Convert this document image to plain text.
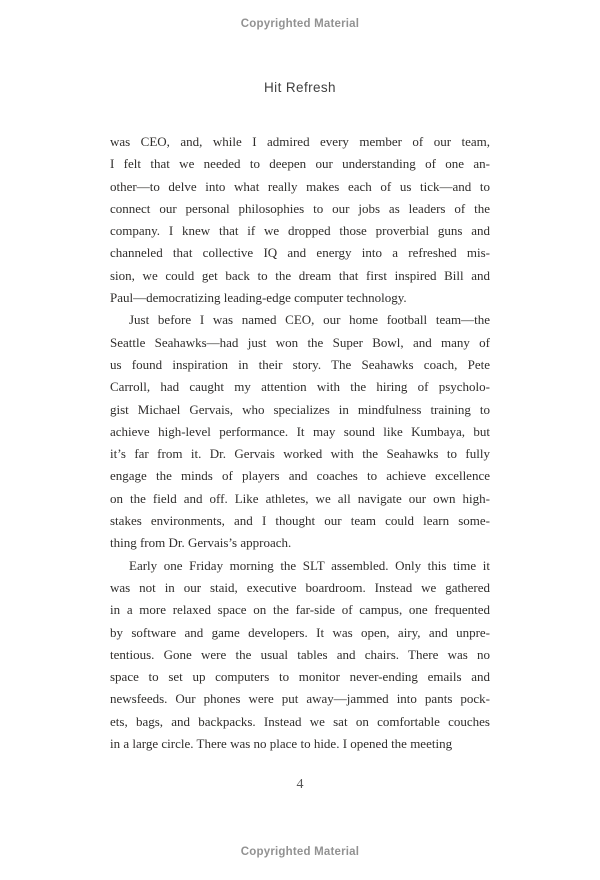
Copyrighted Material
Hit Refresh
was CEO, and, while I admired every member of our team,
I felt that we needed to deepen our understanding of one an-
other—to delve into what really makes each of us tick—and to
connect our personal philosophies to our jobs as leaders of the
company. I knew that if we dropped those proverbial guns and
channeled that collective IQ and energy into a refreshed mis-
sion, we could get back to the dream that first inspired Bill and
Paul—democratizing leading-edge computer technology.
Just before I was named CEO, our home football team—the
Seattle Seahawks—had just won the Super Bowl, and many of
us found inspiration in their story. The Seahawks coach, Pete
Carroll, had caught my attention with the hiring of psycholo-
gist Michael Gervais, who specializes in mindfulness training to
achieve high-level performance. It may sound like Kumbaya, but
it’s far from it. Dr. Gervais worked with the Seahawks to fully
engage the minds of players and coaches to achieve excellence
on the field and off. Like athletes, we all navigate our own high-
stakes environments, and I thought our team could learn some-
thing from Dr. Gervais’s approach.
Early one Friday morning the SLT assembled. Only this time it
was not in our staid, executive boardroom. Instead we gathered
in a more relaxed space on the far-side of campus, one frequented
by software and game developers. It was open, airy, and unpre-
tentious. Gone were the usual tables and chairs. There was no
space to set up computers to monitor never-ending emails and
newsfeeds. Our phones were put away—jammed into pants pock-
ets, bags, and backpacks. Instead we sat on comfortable couches
in a large circle. There was no place to hide. I opened the meeting
4
Copyrighted Material
